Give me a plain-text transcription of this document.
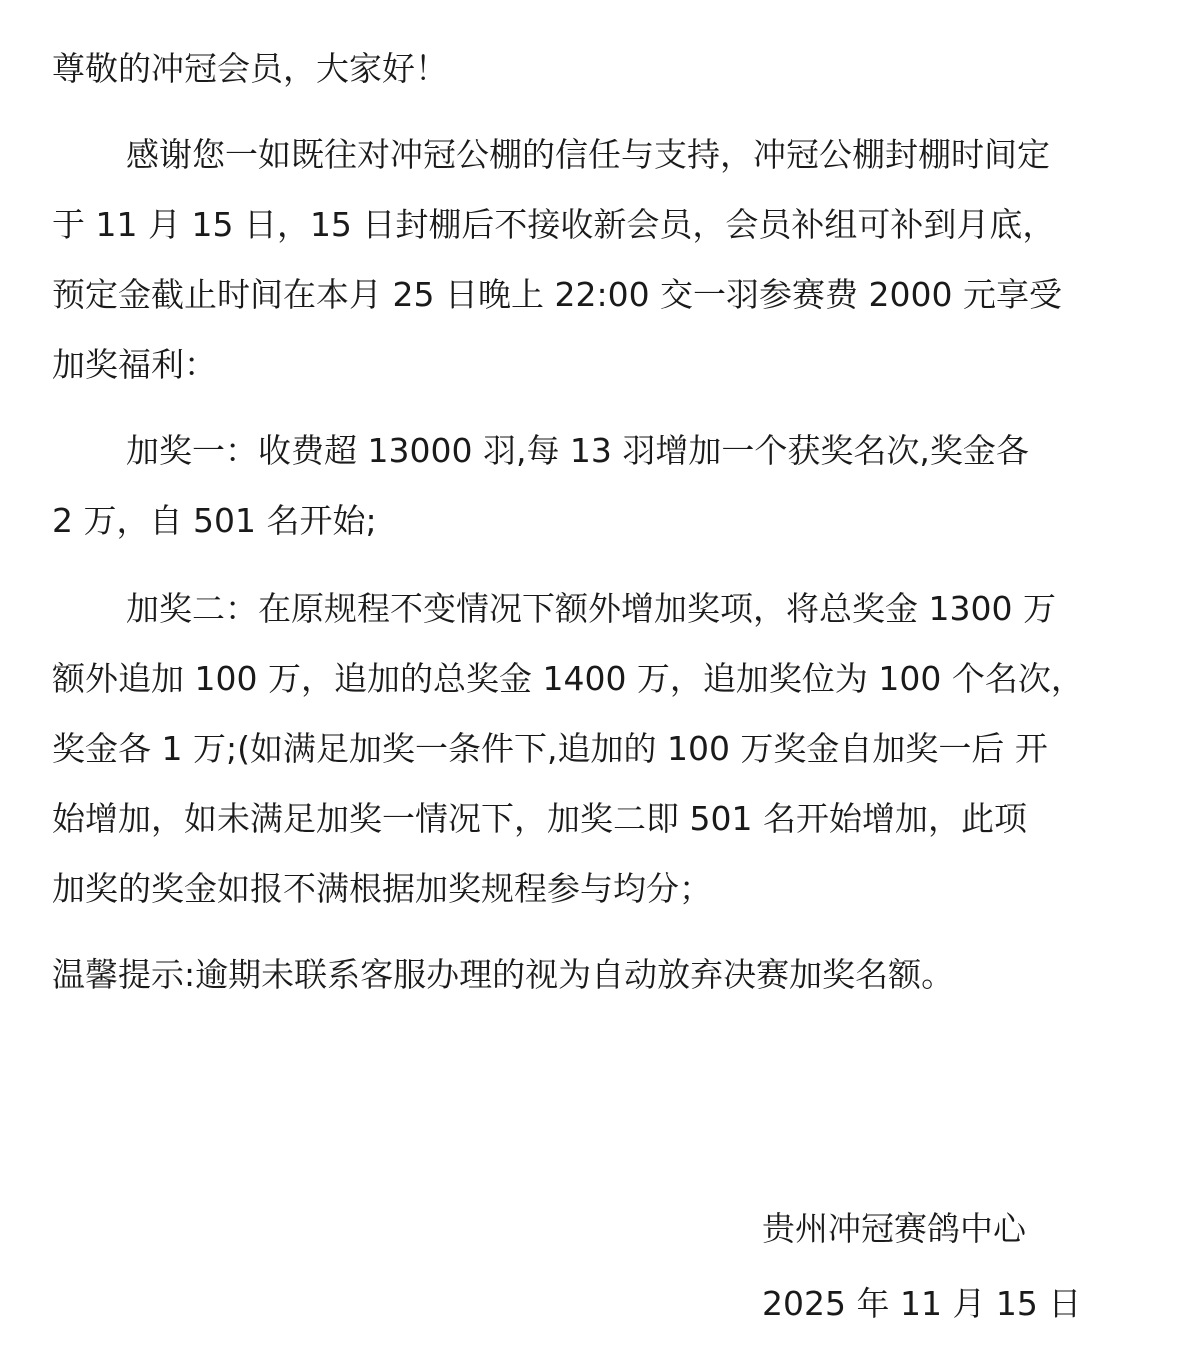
尊敬的冲冠会员，大家好！
感谢您一如既往对冲冠公棚的信任与支持，冲冠公棚封棚时间定
于 11 月 15 日，15 日封棚后不接收新会员，会员补组可补到月底，
预定金截止时间在本月 25 日晚上 22:00 交一羽参赛费 2000 元享受
加奖福利：
加奖一：收费超 13000 羽,每 13 羽增加一个获奖名次,奖金各
2 万，自 501 名开始;
加奖二：在原规程不变情况下额外增加奖项，将总奖金 1300 万
额外追加 100 万，追加的总奖金 1400 万，追加奖位为 100 个名次，
奖金各 1 万;(如满足加奖一条件下,追加的 100 万奖金自加奖一后 开
始增加，如未满足加奖一情况下，加奖二即 501 名开始增加，此项
加奖的奖金如报不满根据加奖规程参与均分；
温馨提示:逾期未联系客服办理的视为自动放弃决赛加奖名额。
贵州冲冠赛鸽中心
2025 年 11 月 15 日
